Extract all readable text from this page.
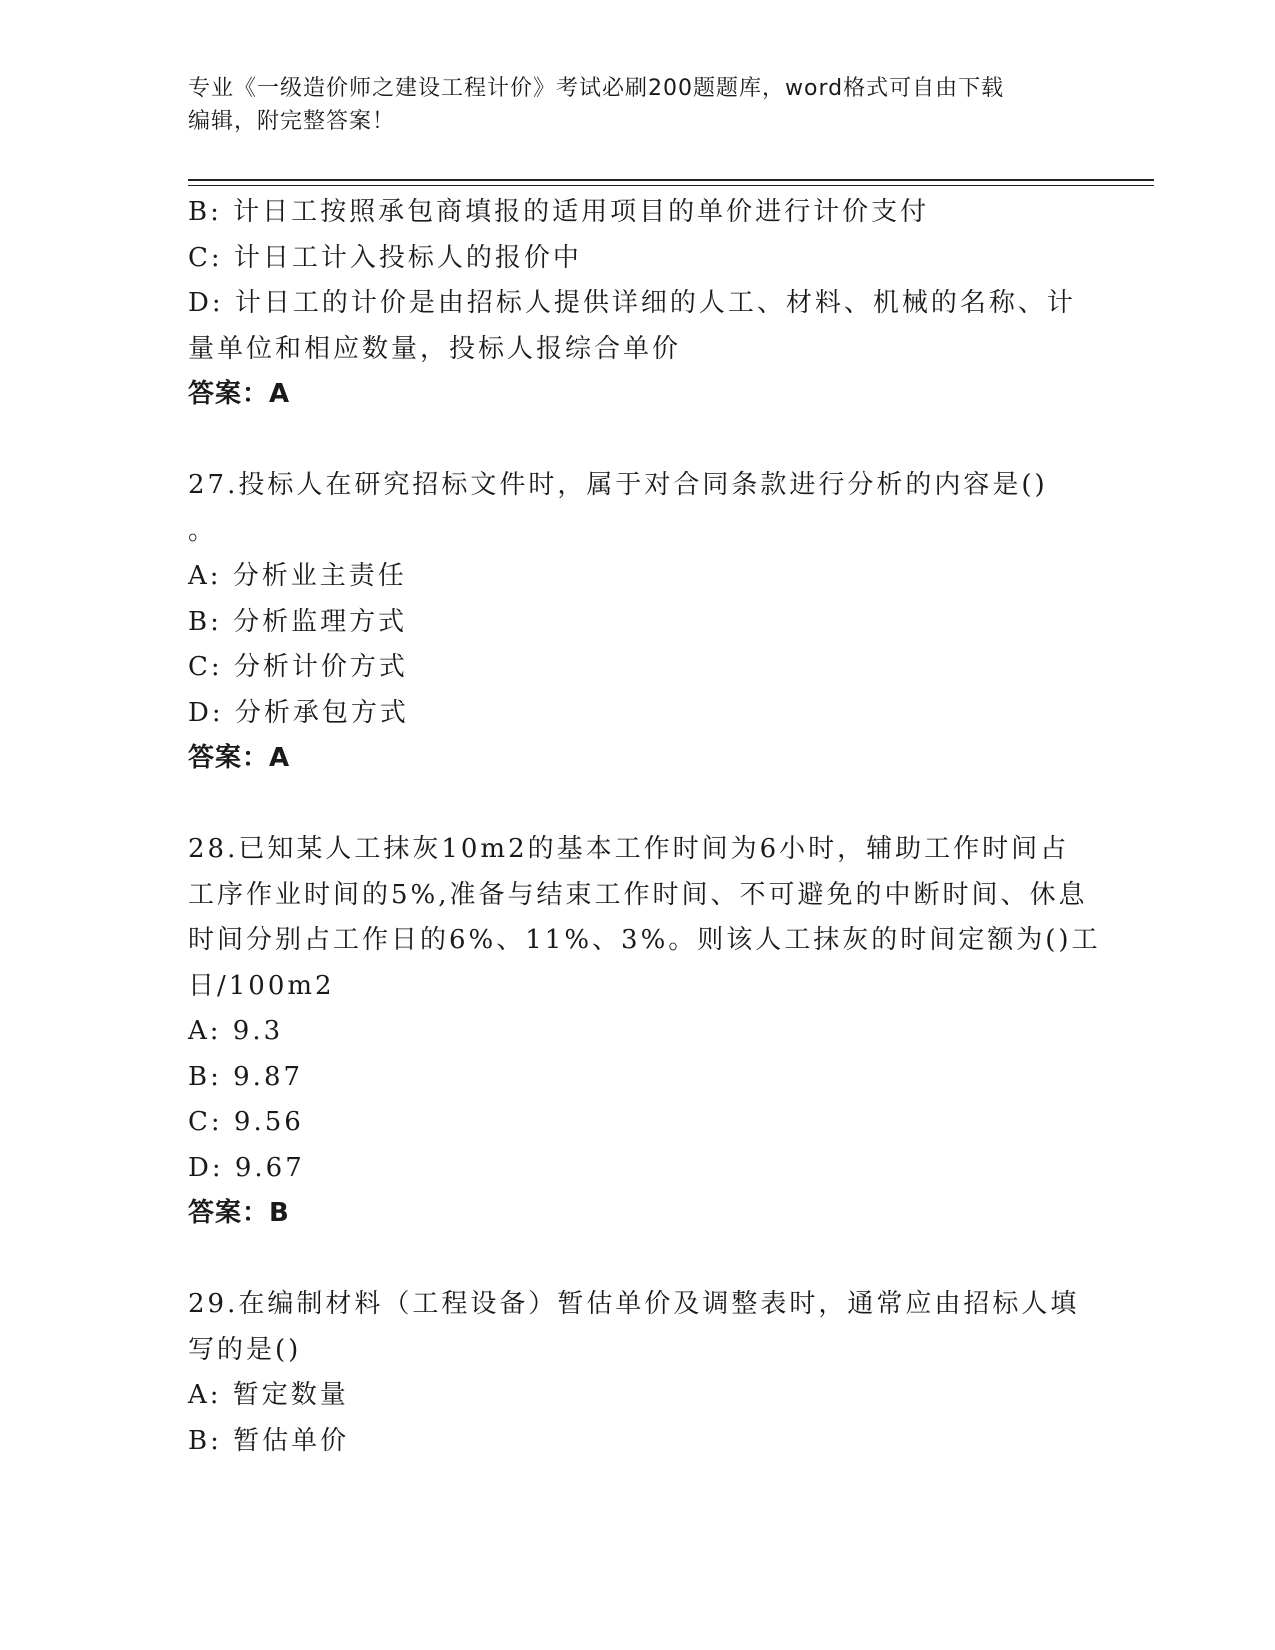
专业《一级造价师之建设工程计价》考试必刷200题题库，word格式可自由下载
编辑，附完整答案！
B: 计日工按照承包商填报的适用项目的单价进行计价支付
C: 计日工计入投标人的报价中
D: 计日工的计价是由招标人提供详细的人工、材料、机械的名称、计
量单位和相应数量，投标人报综合单价
答案：A
27.投标人在研究招标文件时，属于对合同条款进行分析的内容是()
。
A: 分析业主责任
B: 分析监理方式
C: 分析计价方式
D: 分析承包方式
答案：A
28.已知某人工抹灰10m2的基本工作时间为6小时，辅助工作时间占
工序作业时间的5%,准备与结束工作时间、不可避免的中断时间、休息
时间分别占工作日的6%、11%、3%。则该人工抹灰的时间定额为()工
日/100m2
A: 9.3
B: 9.87
C: 9.56
D: 9.67
答案：B
29.在编制材料（工程设备）暂估单价及调整表时，通常应由招标人填
写的是()
A: 暂定数量
B: 暂估单价
